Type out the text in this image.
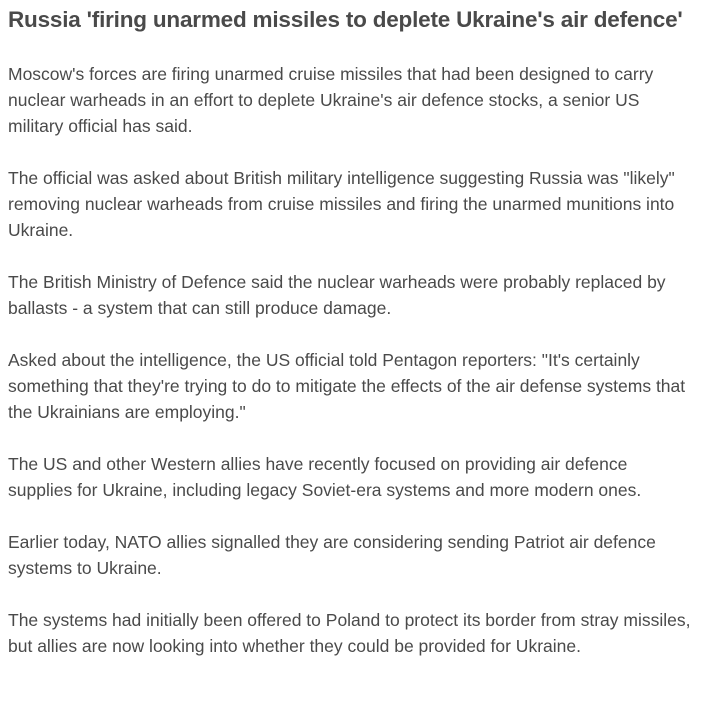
Russia 'firing unarmed missiles to deplete Ukraine's air defence'

Moscow's forces are firing unarmed cruise missiles that had been designed to carry nuclear warheads in an effort to deplete Ukraine's air defence stocks, a senior US military official has said.

The official was asked about British military intelligence suggesting Russia was "likely" removing nuclear warheads from cruise missiles and firing the unarmed munitions into Ukraine.

The British Ministry of Defence said the nuclear warheads were probably replaced by ballasts - a system that can still produce damage.

Asked about the intelligence, the US official told Pentagon reporters: "It's certainly something that they're trying to do to mitigate the effects of the air defense systems that the Ukrainians are employing."

The US and other Western allies have recently focused on providing air defence supplies for Ukraine, including legacy Soviet-era systems and more modern ones.

Earlier today, NATO allies signalled they are considering sending Patriot air defence systems to Ukraine.

The systems had initially been offered to Poland to protect its border from stray missiles, but allies are now looking into whether they could be provided for Ukraine.
